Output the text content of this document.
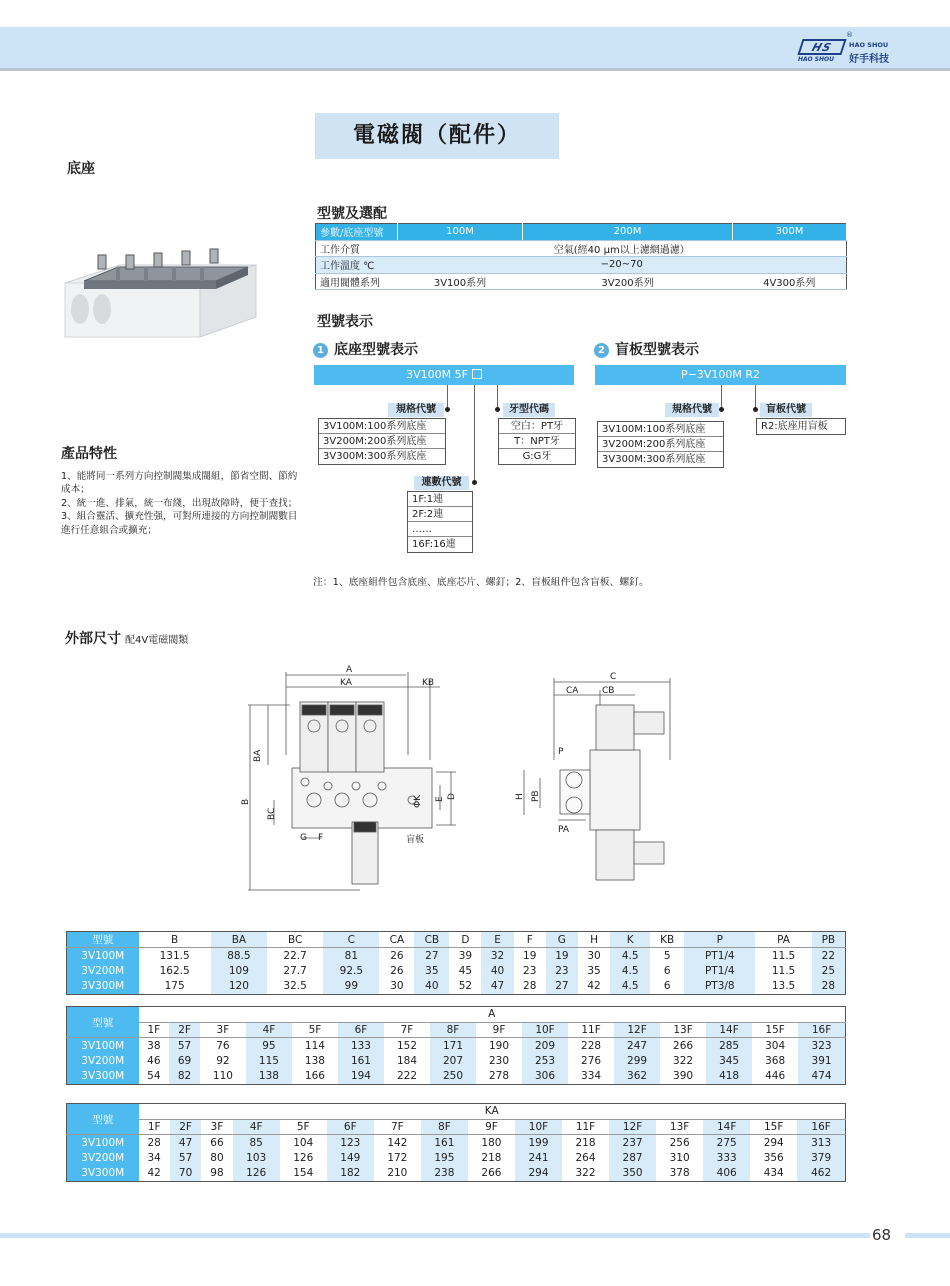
HS
HAO SHOU
®
HAO SHOU
好手科技
電磁閥（配件）
底座
產品特性
1、能將同一系列方向控制閥集成閥組，節省空間、節約成本；
2、統一進、排氣，統一布綫，出現故障時，便于查找；
3、組合靈活、擴充性强，可對所連接的方向控制閥數目進行任意組合或擴充；
型號及選配
參數/底座型號	100M	200M	300M
工作介質	空氣(經40 μm以上濾網過濾）		
工作溫度 ℃	−20~70		
適用閥體系列	3V100系列	3V200系列	4V300系列
型號表示
1 底座型號表示	2 盲板型號表示
3V100M 5F	P−3V100M R2
規格代號
3V100M:100系列底座
3V200M:200系列底座
3V300M:300系列底座
牙型代碼
空白：PT牙
T：NPT牙
G:G牙
連數代號
1F:1連
2F:2連
……
16F:16連
規格代號
3V100M:100系列底座
3V200M:200系列底座
3V300M:300系列底座
盲板代號
R2:底座用盲板
注：1、底座組件包含底座、底座芯片、螺釘；2、盲板組件包含盲板、螺釘。
外部尺寸 配4V電磁閥類
A
KA	KB
BA
B
BC
G F
ΦK E D
盲板
C
CA	CB
P
H PB
PA
型號	B	BA	BC	C	CA	CB	D	E	F	G	H	K	KB	P	PA	PB
3V100M	131.5	88.5	22.7	81	26	27	39	32	19	19	30	4.5	5	PT1/4	11.5	22
3V200M	162.5	109	27.7	92.5	26	35	45	40	23	23	35	4.5	6	PT1/4	11.5	25
3V300M	175	120	32.5	99	30	40	52	47	28	27	42	4.5	6	PT3/8	13.5	28
型號	A															
	1F	2F	3F	4F	5F	6F	7F	8F	9F	10F	11F	12F	13F	14F	15F	16F
3V100M	38	57	76	95	114	133	152	171	190	209	228	247	266	285	304	323
3V200M	46	69	92	115	138	161	184	207	230	253	276	299	322	345	368	391
3V300M	54	82	110	138	166	194	222	250	278	306	334	362	390	418	446	474
型號	KA															
	1F	2F	3F	4F	5F	6F	7F	8F	9F	10F	11F	12F	13F	14F	15F	16F
3V100M	28	47	66	85	104	123	142	161	180	199	218	237	256	275	294	313
3V200M	34	57	80	103	126	149	172	195	218	241	264	287	310	333	356	379
3V300M	42	70	98	126	154	182	210	238	266	294	322	350	378	406	434	462
68
